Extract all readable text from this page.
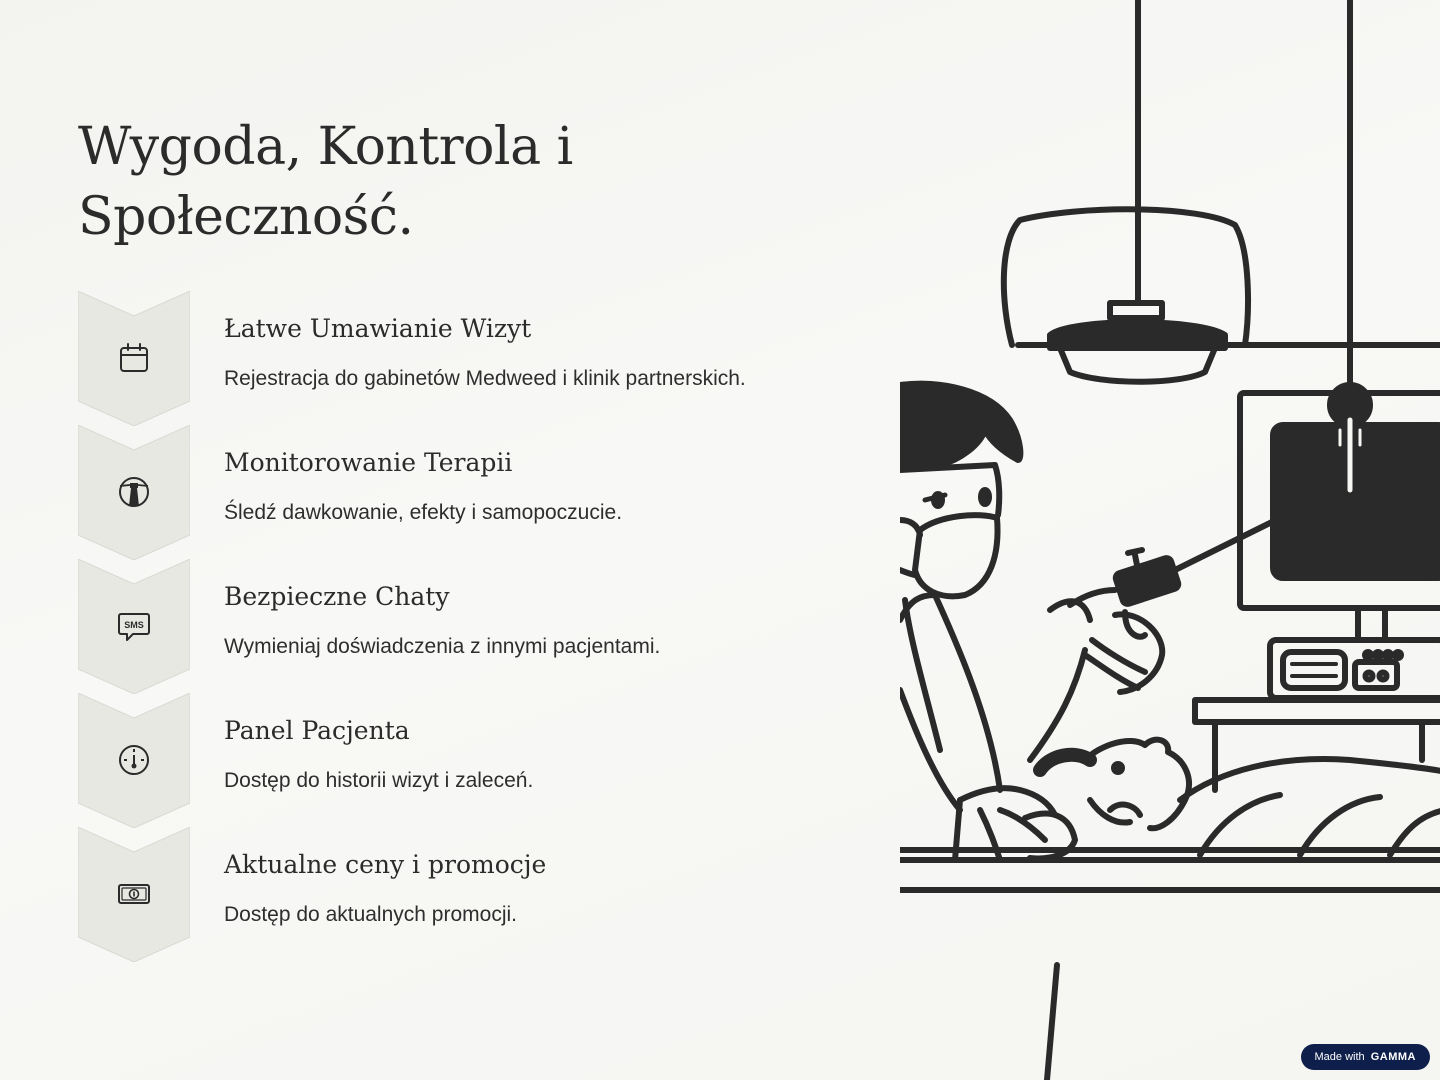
Wygoda, Kontrola i Społeczność.
Łatwe Umawianie Wizyt
Rejestracja do gabinetów Medweed i klinik partnerskich.
Monitorowanie Terapii
Śledź dawkowanie, efekty i samopoczucie.
SMS
Bezpieczne Chaty
Wymieniaj doświadczenia z innymi pacjentami.
Panel Pacjenta
Dostęp do historii wizyt i zaleceń.
Aktualne ceny i promocje
Dostęp do aktualnych promocji.
Made with GAMMA
